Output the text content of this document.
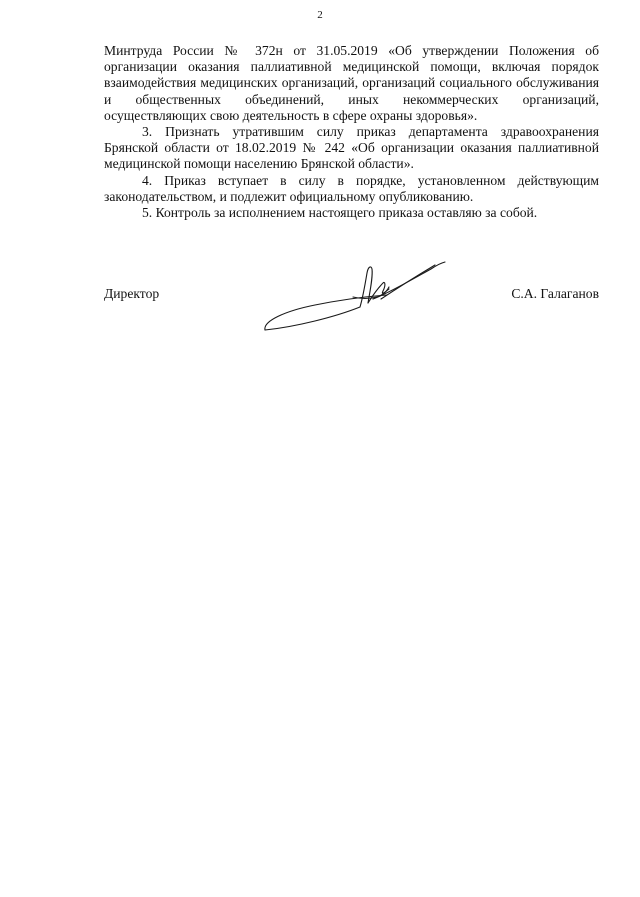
2

Минтруда России № 372н от 31.05.2019 «Об утверждении Положения об организации оказания паллиативной медицинской помощи, включая порядок взаимодействия медицинских организаций, организаций социального обслуживания и общественных объединений, иных некоммерческих организаций, осуществляющих свою деятельность в сфере охраны здоровья».

3. Признать утратившим силу приказ департамента здравоохранения Брянской области от 18.02.2019 № 242 «Об организации оказания паллиативной медицинской помощи населению Брянской области».

4. Приказ вступает в силу в порядке, установленном действующим законодательством, и подлежит официальному опубликованию.

5. Контроль за исполнением настоящего приказа оставляю за собой.

Директор	С.А. Галаганов
